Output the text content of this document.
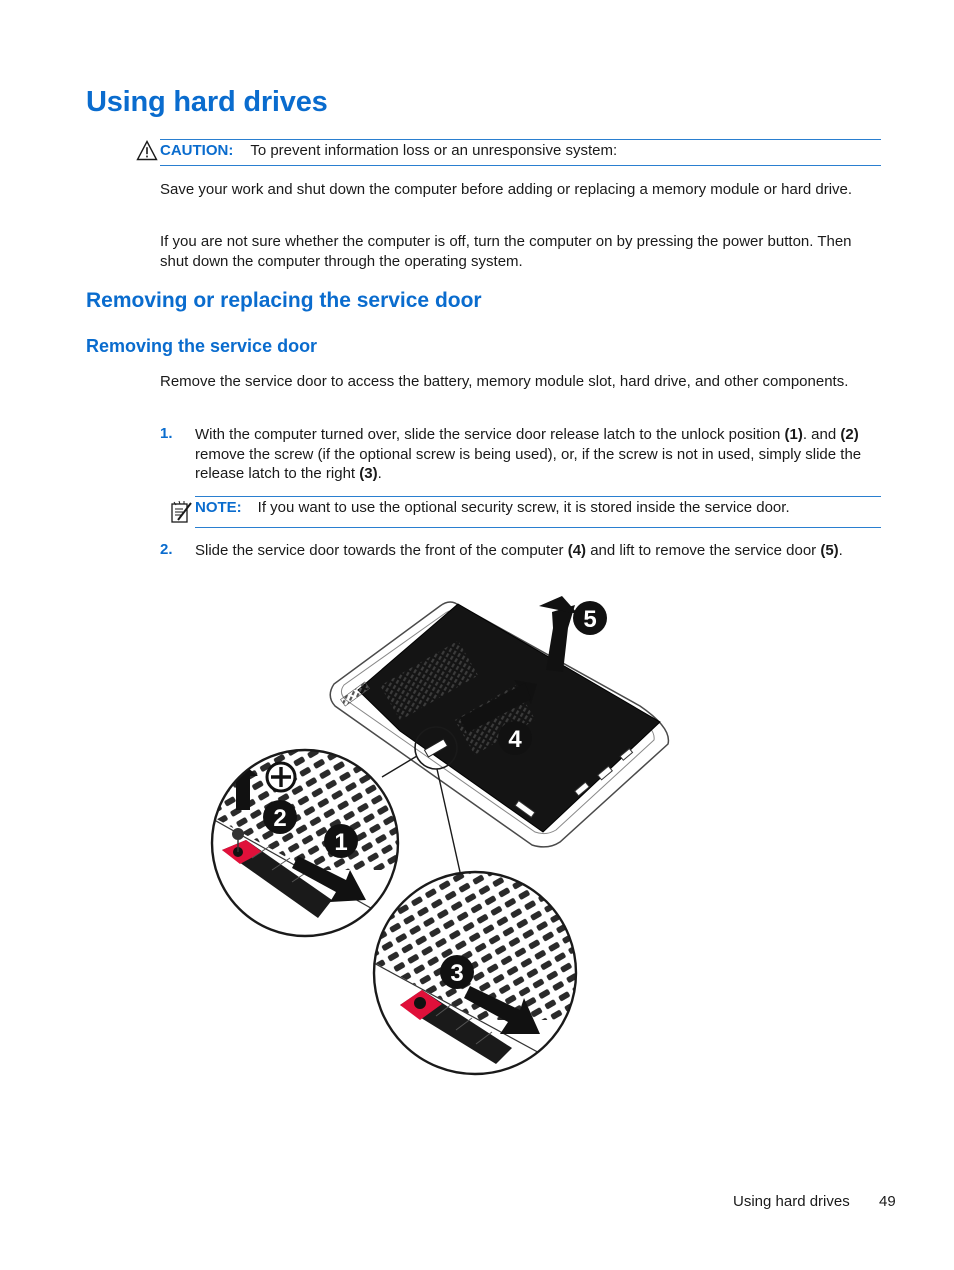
Using hard drives
CAUTION: To prevent information loss or an unresponsive system:

Save your work and shut down the computer before adding or replacing a memory module or hard drive.

If you are not sure whether the computer is off, turn the computer on by pressing the power button. Then shut down the computer through the operating system.

Removing or replacing the service door
Removing the service door

Remove the service door to access the battery, memory module slot, hard drive, and other components.

1. With the computer turned over, slide the service door release latch to the unlock position (1). and (2) remove the screw (if the optional screw is being used), or, if the screw is not in used, simply slide the release latch to the right (3).

NOTE: If you want to use the optional security screw, it is stored inside the service door.
2. Slide the service door towards the front of the computer (4) and lift to remove the service door (5).

5
4
2
1
3
Using hard drives 49
